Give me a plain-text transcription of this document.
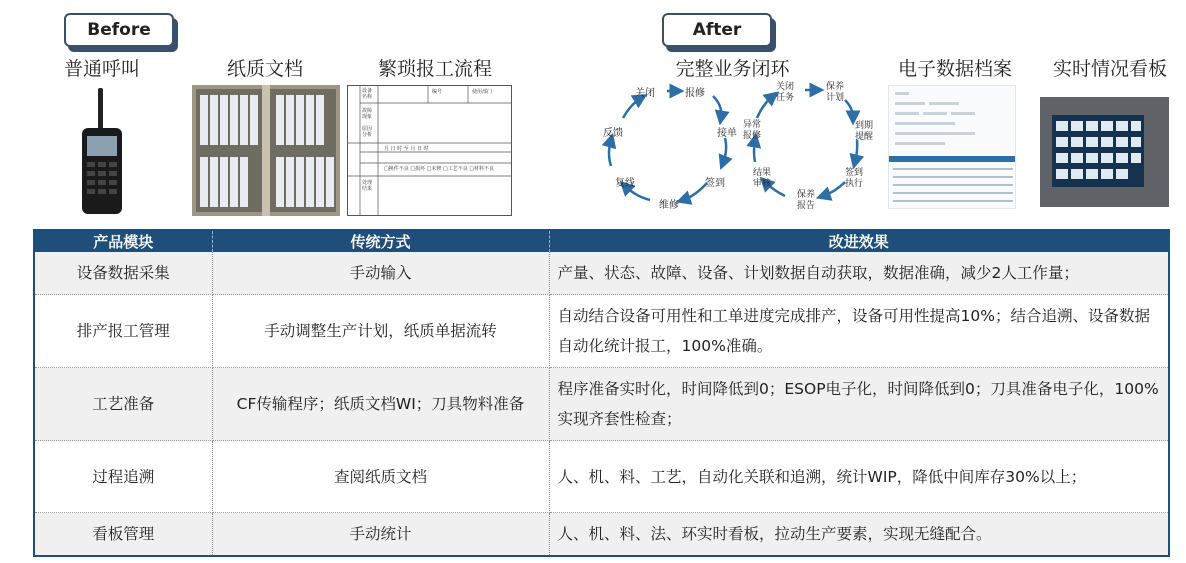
Before	After
普通呼叫	纸质文档	繁琐报工流程	完整业务闭环	电子数据档案	实时情况看板
设备名称
故障现象
原因分析
处理结果
编号	使用部门
月 日 时 至 月 日 时
□换件不良 □损坏 □未修 □工艺不良 □材料不良
关闭	报修
接单
签到
维修
复线
反馈
关闭任务
保养计划
到期提醒
签到执行
保养报告
结果审核
异常报修
产品模块	传统方式	改进效果
设备数据采集	手动输入	产量、状态、故障、设备、计划数据自动获取，数据准确，减少2人工作量；
排产报工管理	手动调整生产计划，纸质单据流转	自动结合设备可用性和工单进度完成排产，设备可用性提高10%；结合追溯、设备数据自动化统计报工，100%准确。
工艺准备	CF传输程序；纸质文档WI；刀具物料准备	程序准备实时化，时间降低到0；ESOP电子化，时间降低到0；刀具准备电子化，100%实现齐套性检查；
过程追溯	查阅纸质文档	人、机、料、工艺，自动化关联和追溯，统计WIP，降低中间库存30%以上；
看板管理	手动统计	人、机、料、法、环实时看板，拉动生产要素，实现无缝配合。
